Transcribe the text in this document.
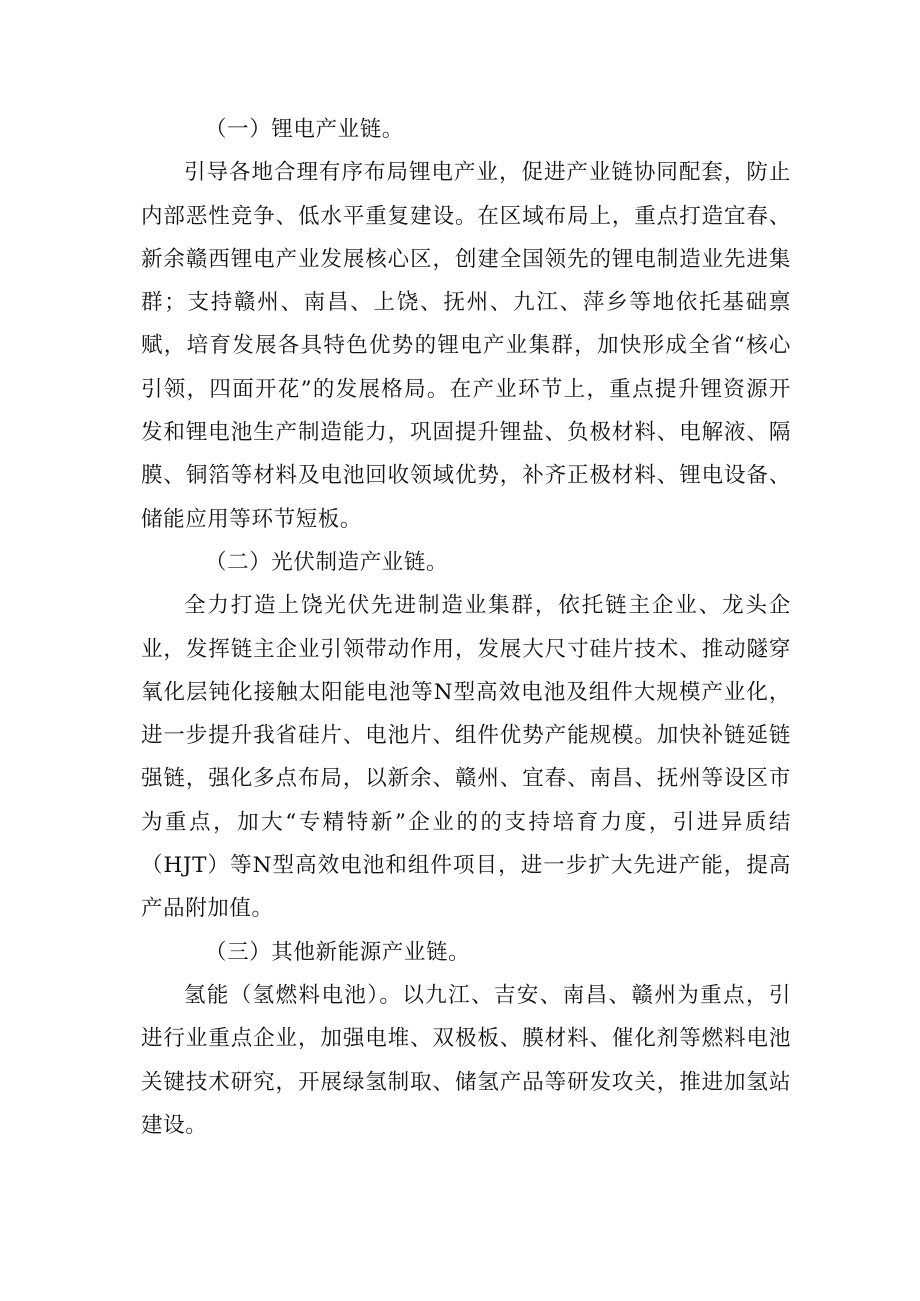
（一）锂电产业链。

引导各地合理有序布局锂电产业，促进产业链协同配套，防止内部恶性竞争、低水平重复建设。在区域布局上，重点打造宜春、新余赣西锂电产业发展核心区，创建全国领先的锂电制造业先进集群；支持赣州、南昌、上饶、抚州、九江、萍乡等地依托基础禀赋，培育发展各具特色优势的锂电产业集群，加快形成全省“核心引领，四面开花”的发展格局。在产业环节上，重点提升锂资源开发和锂电池生产制造能力，巩固提升锂盐、负极材料、电解液、隔膜、铜箔等材料及电池回收领域优势，补齐正极材料、锂电设备、储能应用等环节短板。

（二）光伏制造产业链。

全力打造上饶光伏先进制造业集群，依托链主企业、龙头企业，发挥链主企业引领带动作用，发展大尺寸硅片技术、推动隧穿氧化层钝化接触太阳能电池等N型高效电池及组件大规模产业化，进一步提升我省硅片、电池片、组件优势产能规模。加快补链延链强链，强化多点布局，以新余、赣州、宜春、南昌、抚州等设区市为重点，加大“专精特新”企业的的支持培育力度，引进异质结（HJT）等N型高效电池和组件项目，进一步扩大先进产能，提高产品附加值。

（三）其他新能源产业链。

氢能（氢燃料电池）。以九江、吉安、南昌、赣州为重点，引进行业重点企业，加强电堆、双极板、膜材料、催化剂等燃料电池关键技术研究，开展绿氢制取、储氢产品等研发攻关，推进加氢站建设。
